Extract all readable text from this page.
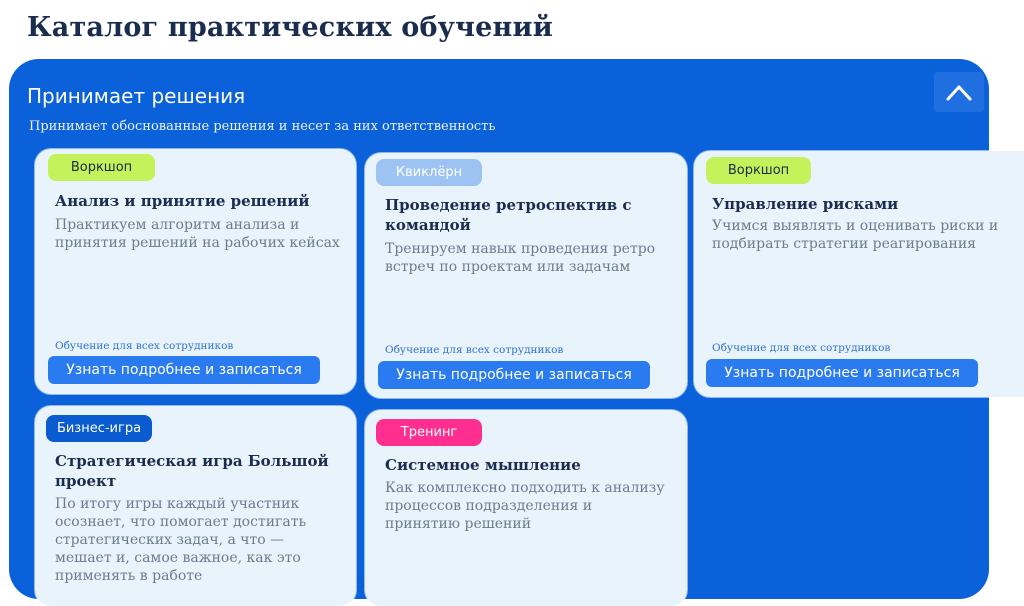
Каталог практических обучений
Принимает решения
Принимает обоснованные решения и несет за них ответственность
Воркшоп
Анализ и принятие решений
Практикуем алгоритм анализа и принятия решений на рабочих кейсах
Обучение для всех сотрудников
Узнать подробнее и записаться
Квиклёрн
Проведение ретроспектив с командой
Тренируем навык проведения ретро встреч по проектам или задачам
Обучение для всех сотрудников
Узнать подробнее и записаться
Воркшоп
Управление рисками
Учимся выявлять и оценивать риски и подбирать стратегии реагирования
Обучение для всех сотрудников
Узнать подробнее и записаться
Бизнес-игра
Стратегическая игра Большой проект
По итогу игры каждый участник осознает, что помогает достигать стратегических задач, а что — мешает и, самое важное, как это применять в работе
Тренинг
Системное мышление
Как комплексно подходить к анализу процессов подразделения и принятию решений
